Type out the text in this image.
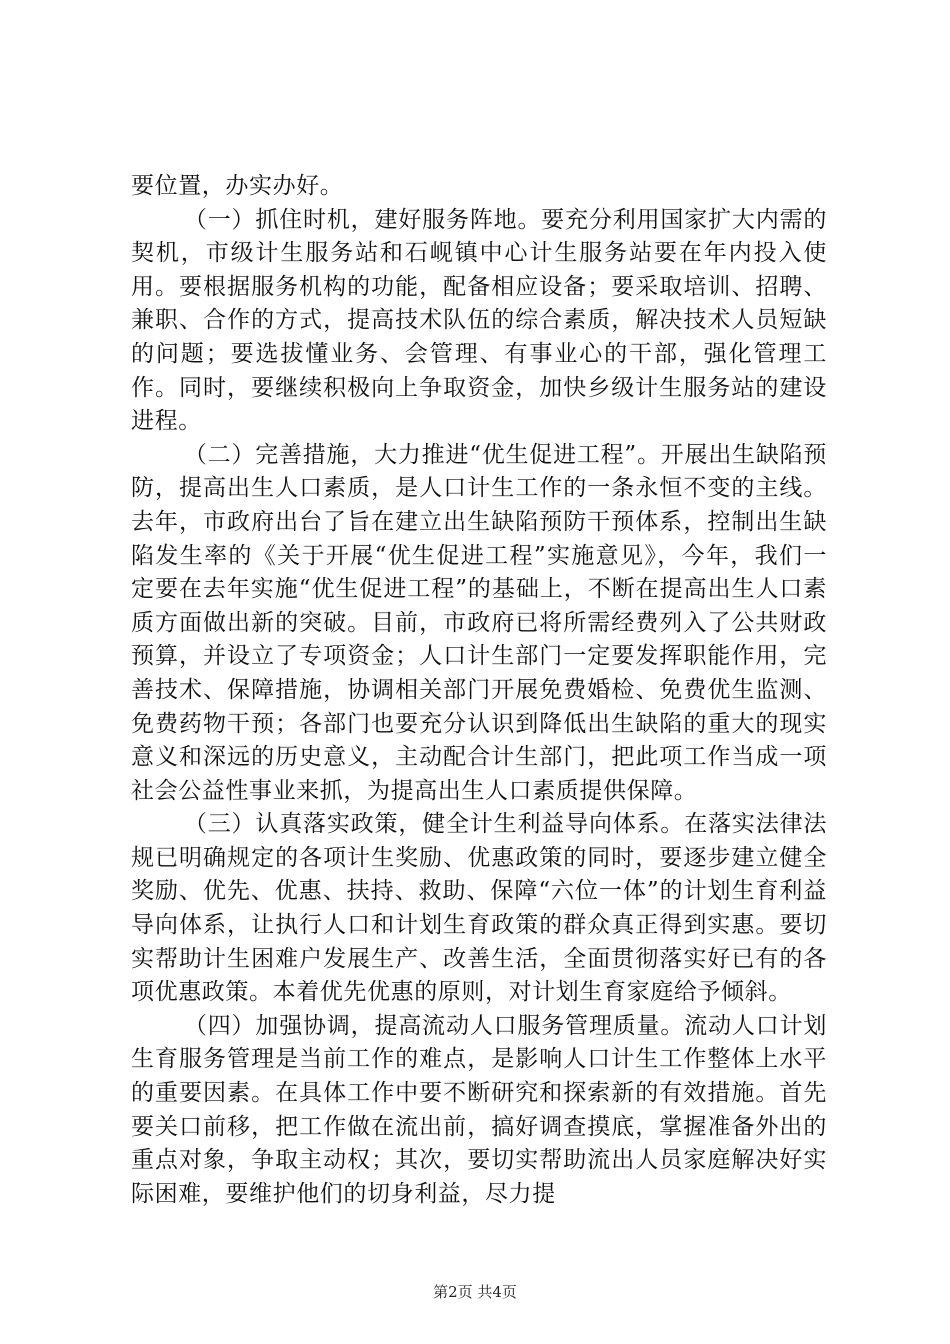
要位置，办实办好。

（一）抓住时机，建好服务阵地。要充分利用国家扩大内需的契机，市级计生服务站和石岘镇中心计生服务站要在年内投入使用。要根据服务机构的功能，配备相应设备；要采取培训、招聘、兼职、合作的方式，提高技术队伍的综合素质，解决技术人员短缺的问题；要选拔懂业务、会管理、有事业心的干部，强化管理工作。同时，要继续积极向上争取资金，加快乡级计生服务站的建设进程。

（二）完善措施，大力推进“优生促进工程”。开展出生缺陷预防，提高出生人口素质，是人口计生工作的一条永恒不变的主线。去年，市政府出台了旨在建立出生缺陷预防干预体系，控制出生缺陷发生率的《关于开展“优生促进工程”实施意见》，今年，我们一定要在去年实施“优生促进工程”的基础上，不断在提高出生人口素质方面做出新的突破。目前，市政府已将所需经费列入了公共财政预算，并设立了专项资金；人口计生部门一定要发挥职能作用，完善技术、保障措施，协调相关部门开展免费婚检、免费优生监测、免费药物干预；各部门也要充分认识到降低出生缺陷的重大的现实意义和深远的历史意义，主动配合计生部门，把此项工作当成一项社会公益性事业来抓，为提高出生人口素质提供保障。

（三）认真落实政策，健全计生利益导向体系。在落实法律法规已明确规定的各项计生奖励、优惠政策的同时，要逐步建立健全奖励、优先、优惠、扶持、救助、保障“六位一体”的计划生育利益导向体系，让执行人口和计划生育政策的群众真正得到实惠。要切实帮助计生困难户发展生产、改善生活，全面贯彻落实好已有的各项优惠政策。本着优先优惠的原则，对计划生育家庭给予倾斜。

（四）加强协调，提高流动人口服务管理质量。流动人口计划生育服务管理是当前工作的难点，是影响人口计生工作整体上水平的重要因素。在具体工作中要不断研究和探索新的有效措施。首先要关口前移，把工作做在流出前，搞好调查摸底，掌握准备外出的重点对象，争取主动权；其次，要切实帮助流出人员家庭解决好实际困难，要维护他们的切身利益，尽力提

第2页 共4页
